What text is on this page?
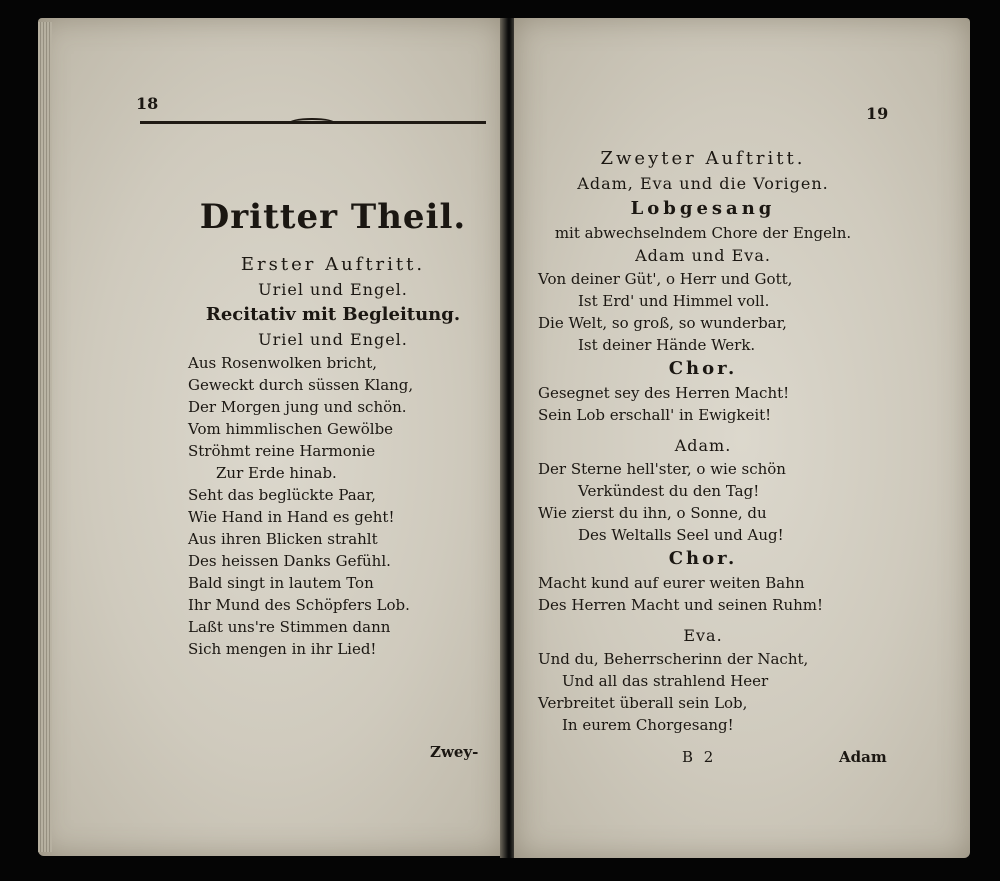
18
Dritter Theil.
Erster Auftritt.
Uriel und Engel.
Recitativ mit Begleitung.
Uriel und Engel.
Aus Rosenwolken bricht,
Geweckt durch süssen Klang,
Der Morgen jung und schön.
Vom himmlischen Gewölbe
Ströhmt reine Harmonie
Zur Erde hinab.
Seht das beglückte Paar,
Wie Hand in Hand es geht!
Aus ihren Blicken strahlt
Des heissen Danks Gefühl.
Bald singt in lautem Ton
Ihr Mund des Schöpfers Lob.
Laßt uns're Stimmen dann
Sich mengen in ihr Lied!
Zwey-
19
Zweyter Auftritt.
Adam, Eva und die Vorigen.
Lobgesang
mit abwechselndem Chore der Engeln.
Adam und Eva.
Von deiner Güt', o Herr und Gott,
Ist Erd' und Himmel voll.
Die Welt, so groß, so wunderbar,
Ist deiner Hände Werk.
Chor.
Gesegnet sey des Herren Macht!
Sein Lob erschall' in Ewigkeit!
Adam.
Der Sterne hell'ster, o wie schön
Verkündest du den Tag!
Wie zierst du ihn, o Sonne, du
Des Weltalls Seel und Aug!
Chor.
Macht kund auf eurer weiten Bahn
Des Herren Macht und seinen Ruhm!
Eva.
Und du, Beherrscherinn der Nacht,
Und all das strahlend Heer
Verbreitet überall sein Lob,
In eurem Chorgesang!
B 2	Adam
